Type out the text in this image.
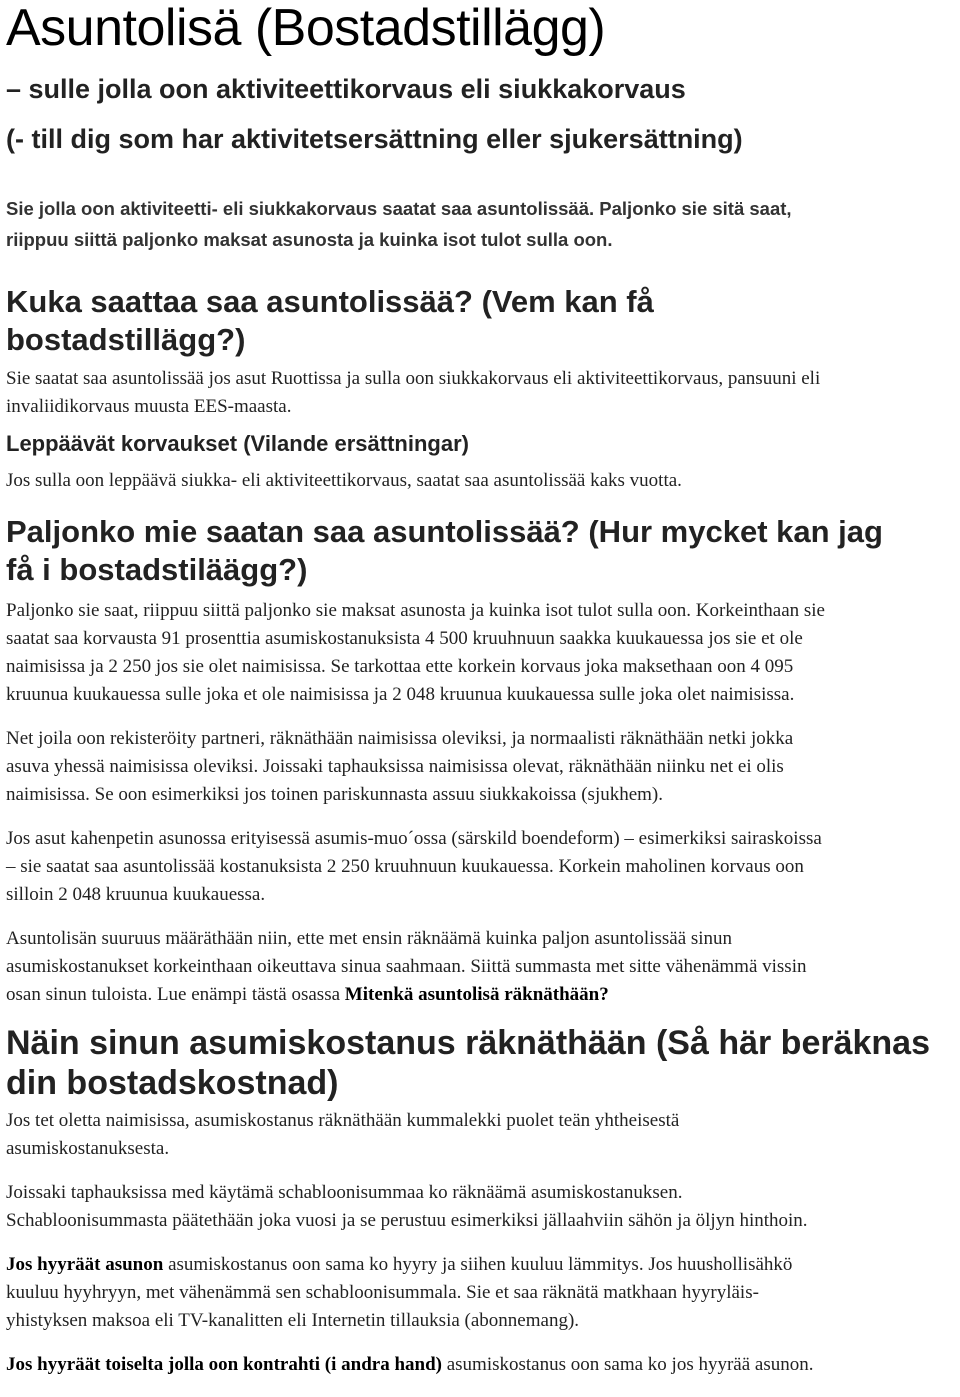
Asuntolisä (Bostadstillägg)

– sulle jolla oon aktiviteettikorvaus eli siukkakorvaus

(- till dig som har aktivitetsersättning eller sjukersättning)

Sie jolla oon aktiviteetti- eli siukkakorvaus saatat saa asuntolissää. Paljonko sie sitä saat,

riippuu siittä paljonko maksat asunosta ja kuinka isot tulot sulla oon.

Kuka saattaa saa asuntolissää? (Vem kan få
bostadstillägg?)

Sie saatat saa asuntolissää jos asut Ruottissa ja sulla oon siukkakorvaus eli aktiviteettikorvaus, pansuuni eli

invaliidikorvaus muusta EES-maasta.

Leppäävät korvaukset (Vilande ersättningar)

Jos sulla oon leppäävä siukka- eli aktiviteettikorvaus, saatat saa asuntolissää kaks vuotta.

Paljonko mie saatan saa asuntolissää? (Hur mycket kan jag
få i bostadstiläägg?)

Paljonko sie saat, riippuu siittä paljonko sie maksat asunosta ja kuinka isot tulot sulla oon. Korkeinthaan sie

saatat saa korvausta 91 prosenttia asumiskostanuksista 4 500 kruuhnuun saakka kuukauessa jos sie et ole

naimisissa ja 2 250 jos sie olet naimisissa. Se tarkottaa ette korkein korvaus joka maksethaan oon 4 095

kruunua kuukauessa sulle joka et ole naimisissa ja 2 048 kruunua kuukauessa sulle joka olet naimisissa.

Net joila oon rekisteröity partneri, räknäthään naimisissa oleviksi, ja normaalisti räknäthään netki jokka

asuva yhessä naimisissa oleviksi. Joissaki taphauksissa naimisissa olevat, räknäthään niinku net ei olis

naimisissa. Se oon esimerkiksi jos toinen pariskunnasta assuu siukkakoissa (sjukhem).

Jos asut kahenpetin asunossa erityisessä asumis-muo´ossa (särskild boendeform) – esimerkiksi sairaskoissa

– sie saatat saa asuntolissää kostanuksista 2 250 kruuhnuun kuukauessa. Korkein maholinen korvaus oon

silloin 2 048 kruunua kuukauessa.

Asuntolisän suuruus määräthään niin, ette met ensin räknäämä kuinka paljon asuntolissää sinun

asumiskostanukset korkeinthaan oikeuttava sinua saahmaan. Siittä summasta met sitte vähenämmä vissin

osan sinun tuloista. Lue enämpi tästä osassa Mitenkä asuntolisä räknäthään?

Näin sinun asumiskostanus räknäthään (Så här beräknas
din bostadskostnad)

Jos tet oletta naimisissa, asumiskostanus räknäthään kummalekki puolet teän yhtheisestä

asumiskostanuksesta.

Joissaki taphauksissa med käytämä schabloonisummaa ko räknäämä asumiskostanuksen.

Schabloonisummasta päätethään joka vuosi ja se perustuu esimerkiksi jällaahviin sähön ja öljyn hinthoin.

Jos hyyräät asunon asumiskostanus oon sama ko hyyry ja siihen kuuluu lämmitys. Jos huushollisähkö

kuuluu hyyhryyn, met vähenämmä sen schabloonisummala. Sie et saa räknätä matkhaan hyyryläis-

yhistyksen maksoa eli TV-kanalitten eli Internetin tillauksia (abonnemang).

Jos hyyräät toiselta jolla oon kontrahti (i andra hand) asumiskostanus oon sama ko jos hyyrää asunon.
